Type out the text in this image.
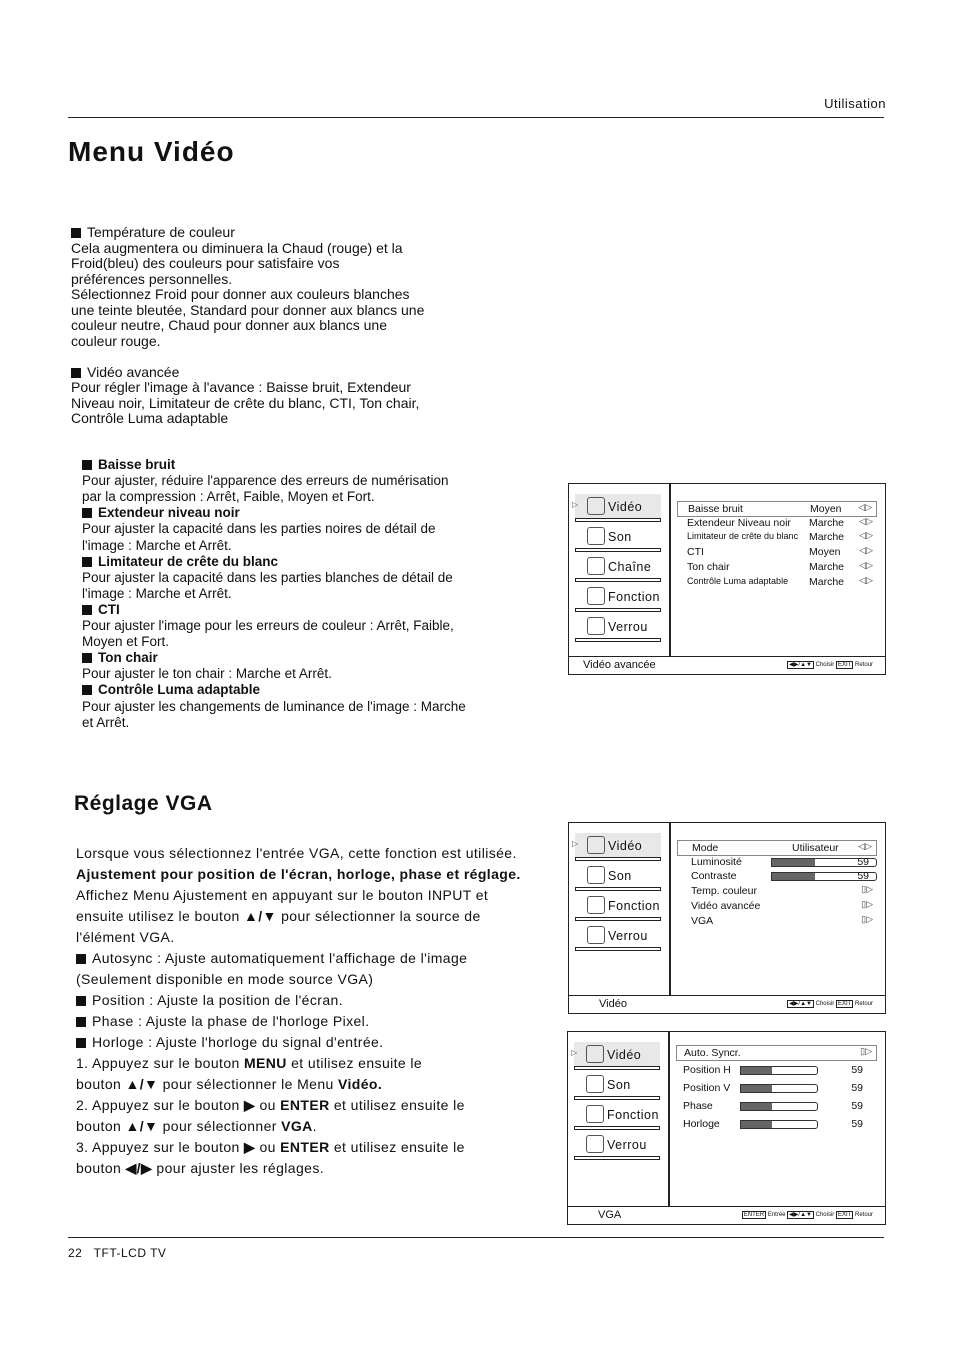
Utilisation
Menu Vidéo
Température de couleur
Cela augmentera ou diminuera la Chaud (rouge) et la
Froid(bleu) des couleurs pour satisfaire vos
préférences personnelles.
Sélectionnez Froid pour donner aux couleurs blanches
une teinte bleutée, Standard pour donner aux blancs une
couleur neutre, Chaud pour donner aux blancs une
couleur rouge.
Vidéo avancée
Pour régler l'image à l'avance : Baisse bruit, Extendeur
Niveau noir, Limitateur de crête du blanc, CTI, Ton chair,
Contrôle Luma adaptable
Baisse bruit
Pour ajuster, réduire l'apparence des erreurs de numérisation
par la compression : Arrêt, Faible, Moyen et Fort.
Extendeur niveau noir
Pour ajuster la capacité dans les parties noires de détail de
l'image : Marche et Arrêt.
Limitateur de crête du blanc
Pour ajuster la capacité dans les parties blanches de détail de
l'image : Marche et Arrêt.
CTI
Pour ajuster l'image pour les erreurs de couleur : Arrêt, Faible,
Moyen et Fort.
Ton chair
Pour ajuster le ton chair : Marche et Arrêt.
Contrôle Luma adaptable
Pour ajuster les changements de luminance de l'image : Marche
et Arrêt.
Réglage VGA
Lorsque vous sélectionnez l'entrée VGA, cette fonction est utilisée.
Ajustement pour position de l'écran, horloge, phase et réglage.
Affichez Menu Ajustement en appuyant sur le bouton INPUT et
ensuite utilisez le bouton ▲/▼ pour sélectionner la source de
l'élément VGA.
Autosync : Ajuste automatiquement l'affichage de l'image
(Seulement disponible en mode source VGA)
Position : Ajuste la position de l'écran.
Phase : Ajuste la phase de l'horloge Pixel.
Horloge : Ajuste l'horloge du signal d'entrée.
1. Appuyez sur le bouton MENU et utilisez ensuite le
bouton ▲/▼ pour sélectionner le Menu Vidéo.
2. Appuyez sur le bouton ▶ ou ENTER et utilisez ensuite le
bouton ▲/▼ pour sélectionner VGA.
3. Appuyez sur le bouton ▶ ou ENTER et utilisez ensuite le
bouton ◀/▶ pour ajuster les réglages.
▷ Vidéo
Son
Chaîne
Fonction
Verrou
Baisse bruit	Moyen ◁▷
Extendeur Niveau noir Marche ◁▷
Limitateur de crête du blanc Marche ◁▷
CTI	Moyen ◁▷
Ton chair	Marche ◁▷
Contrôle Luma adaptable Marche ◁▷
Vidéo avancée	◀▶/▲▼ Choisir EXIT Retour
▷ Vidéo
Son
Fonction
Verrou
Mode	Utilisateur ◁▷
Luminosité	59
Contraste	59
Temp. couleur	▯▷
Vidéo avancée	▯▷
VGA	▯▷
Vidéo	◀▶/▲▼ Choisir EXIT Retour
▷ Vidéo
Son
Fonction
Verrou
Auto. Syncr.	▯▷
Position H	59
Position V	59
Phase	59
Horloge	59
VGA	ENTER Entrée ◀▶/▲▼ Choisir EXIT Retour
22 TFT-LCD TV
